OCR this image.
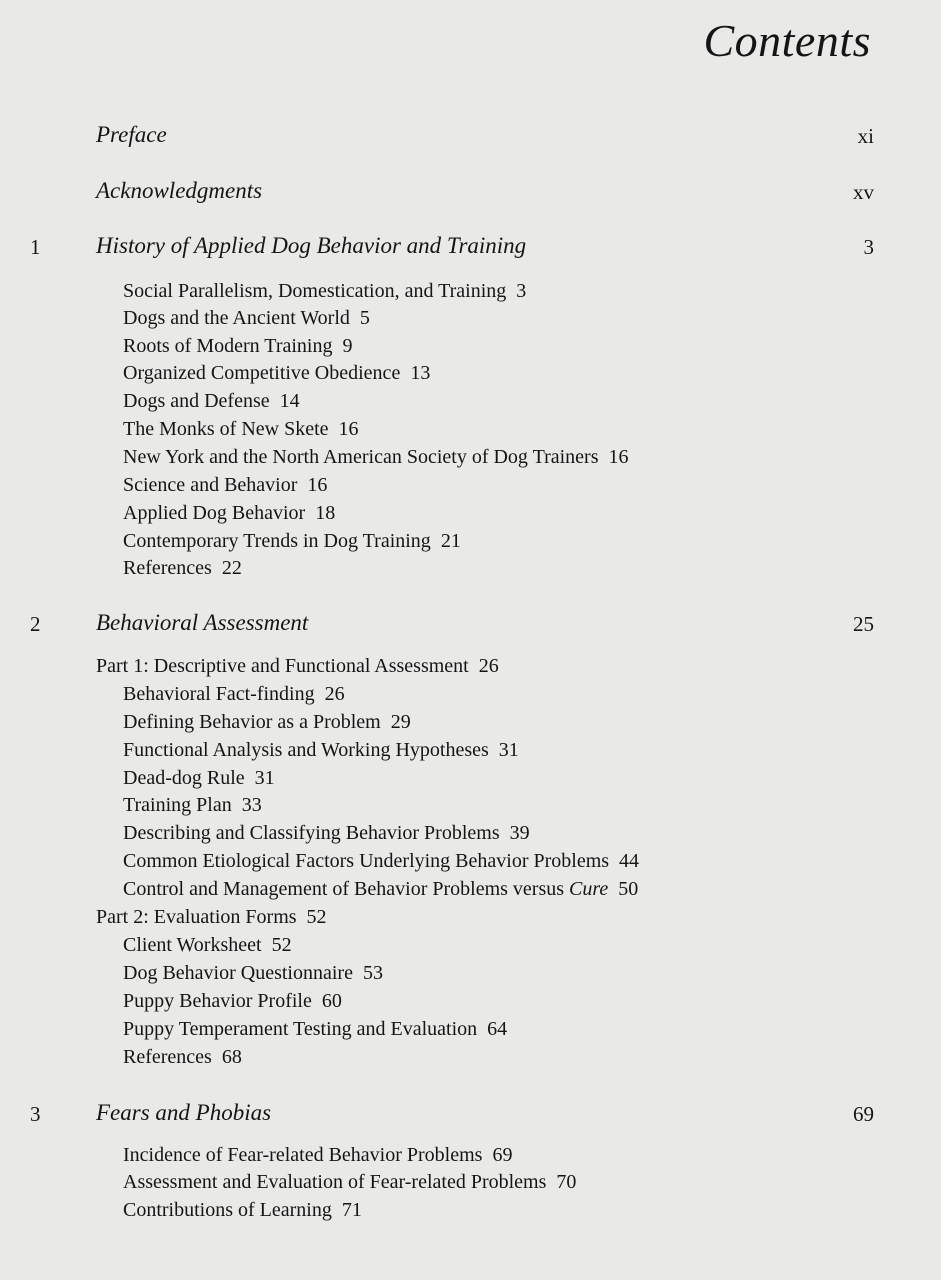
Contents
Preface	xi
Acknowledgments	xv
1 History of Applied Dog Behavior and Training	3
Social Parallelism, Domestication, and Training 3
Dogs and the Ancient World 5
Roots of Modern Training 9
Organized Competitive Obedience 13
Dogs and Defense 14
The Monks of New Skete 16
New York and the North American Society of Dog Trainers 16
Science and Behavior 16
Applied Dog Behavior 18
Contemporary Trends in Dog Training 21
References 22
2 Behavioral Assessment	25
Part 1: Descriptive and Functional Assessment 26
Behavioral Fact-finding 26
Defining Behavior as a Problem 29
Functional Analysis and Working Hypotheses 31
Dead-dog Rule 31
Training Plan 33
Describing and Classifying Behavior Problems 39
Common Etiological Factors Underlying Behavior Problems 44
Control and Management of Behavior Problems versus Cure 50
Part 2: Evaluation Forms 52
Client Worksheet 52
Dog Behavior Questionnaire 53
Puppy Behavior Profile 60
Puppy Temperament Testing and Evaluation 64
References 68
3 Fears and Phobias	69
Incidence of Fear-related Behavior Problems 69
Assessment and Evaluation of Fear-related Problems 70
Contributions of Learning 71
